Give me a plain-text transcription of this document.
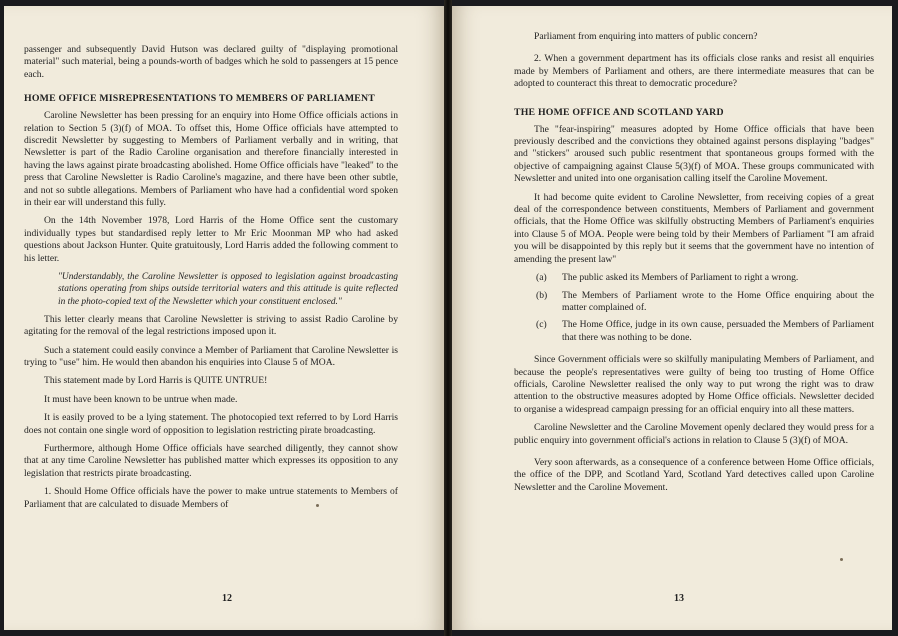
passenger and subsequently David Hutson was declared guilty of "displaying promotional material" such material, being a pounds-worth of badges which he sold to passengers at 15 pence each.

HOME OFFICE MISREPRESENTATIONS TO MEMBERS OF PARLIAMENT

Caroline Newsletter has been pressing for an enquiry into Home Office officials actions in relation to Section 5 (3)(f) of MOA. To offset this, Home Office officials have attempted to discredit Newsletter by suggesting to Members of Parliament verbally and in writing, that Newsletter is part of the Radio Caroline organisation and therefore financially interested in having the laws against pirate broadcasting abolished. Home Office officials have "leaked" to the press that Caroline Newsletter is Radio Caroline's magazine, and there have been other subtle, and not so subtle allegations. Members of Parliament who have had a confidential word spoken in their ear will understand this fully.

On the 14th November 1978, Lord Harris of the Home Office sent the customary individually types but standardised reply letter to Mr Eric Moonman MP who had asked questions about Jackson Hunter. Quite gratuitously, Lord Harris added the following comment to his letter.

"Understandably, the Caroline Newsletter is opposed to legislation against broadcasting stations operating from ships outside territorial waters and this attitude is quite reflected in the photo-copied text of the Newsletter which your constituent enclosed."

This letter clearly means that Caroline Newsletter is striving to assist Radio Caroline by agitating for the removal of the legal restrictions imposed upon it.

Such a statement could easily convince a Member of Parliament that Caroline Newsletter is trying to "use" him. He would then abandon his enquiries into Clause 5 of MOA.

This statement made by Lord Harris is QUITE UNTRUE!

It must have been known to be untrue when made.

It is easily proved to be a lying statement. The photocopied text referred to by Lord Harris does not contain one single word of opposition to legislation restricting pirate broadcasting.

Furthermore, although Home Office officials have searched diligently, they cannot show that at any time Caroline Newsletter has published matter which expresses its opposition to any legislation that restricts pirate broadcasting.

1. Should Home Office officials have the power to make untrue statements to Members of Parliament that are calculated to disuade Members of

12

Parliament from enquiring into matters of public concern?

2. When a government department has its officials close ranks and resist all enquiries made by Members of Parliament and others, are there intermediate measures that can be adopted to counteract this threat to democratic procedure?

THE HOME OFFICE AND SCOTLAND YARD

The "fear-inspiring" measures adopted by Home Office officials that have been previously described and the convictions they obtained against persons displaying "badges" and "stickers" aroused such public resentment that spontaneous groups formed with the objective of campaigning against Clause 5(3)(f) of MOA. These groups communicated with Newsletter and united into one organisation calling itself the Caroline Movement.

It had become quite evident to Caroline Newsletter, from receiving copies of a great deal of the correspondence between constituents, Members of Parliament and government officials, that the Home Office was skilfully obstructing Members of Parliament's enquiries into Clause 5 of MOA. People were being told by their Members of Parliament "I am afraid you will be disappointed by this reply but it seems that the government have no intention of amending the present law"

(a)	The public asked its Members of Parliament to right a wrong.

(b)	The Members of Parliament wrote to the Home Office enquiring about the matter complained of.

(c)	The Home Office, judge in its own cause, persuaded the Members of Parliament that there was nothing to be done.

Since Government officials were so skilfully manipulating Members of Parliament, and because the people's representatives were guilty of being too trusting of Home Office officials, Caroline Newsletter realised the only way to put wrong the right was to draw attention to the obstructive measures adopted by Home Office officials. Newsletter decided to organise a widespread campaign pressing for an official enquiry into all these matters.

Caroline Newsletter and the Caroline Movement openly declared they would press for a public enquiry into government official's actions in relation to Clause 5 (3)(f) of MOA.

Very soon afterwards, as a consequence of a conference between Home Office officials, the office of the DPP, and Scotland Yard, Scotland Yard detectives called upon Caroline Newsletter and the Caroline Movement.

13
